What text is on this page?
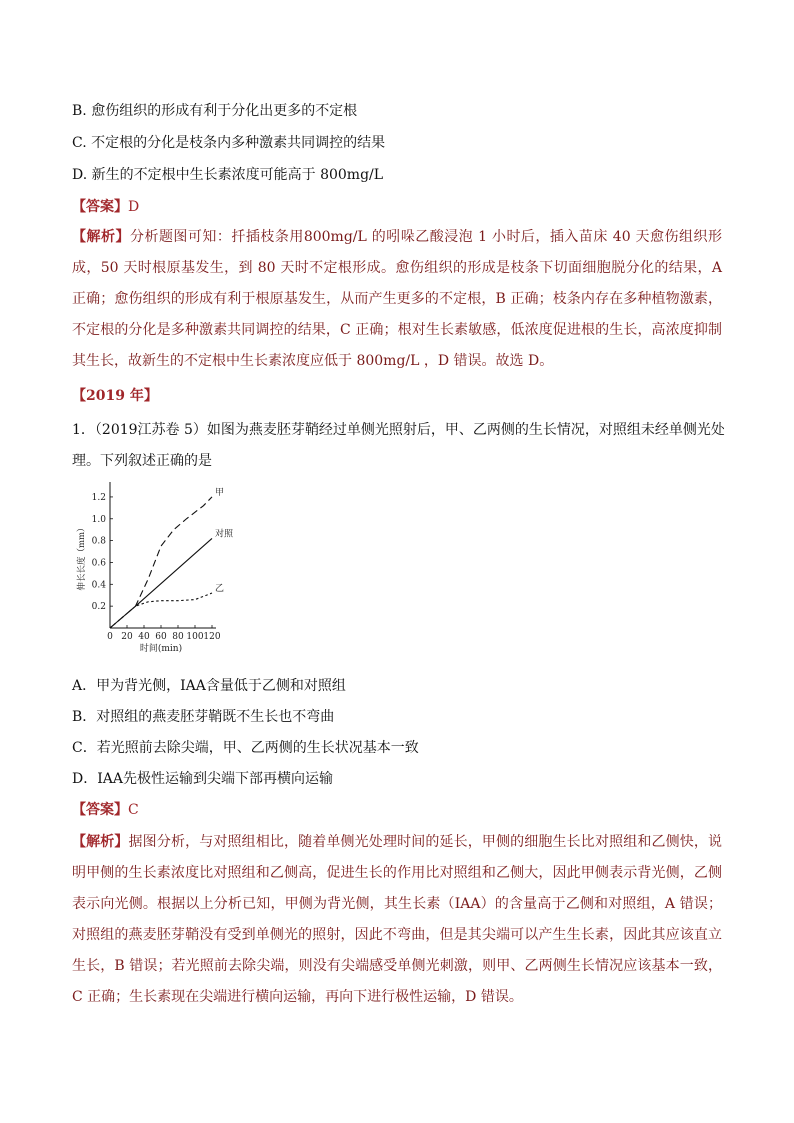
B. 愈伤组织的形成有利于分化出更多的不定根
C. 不定根的分化是枝条内多种激素共同调控的结果
D. 新生的不定根中生长素浓度可能高于 800mg/L
【答案】D
【解析】分析题图可知：扦插枝条用800mg/L 的吲哚乙酸浸泡 1 小时后，插入苗床 40 天愈伤组织形成，50 天时根原基发生，到 80 天时不定根形成。愈伤组织的形成是枝条下切面细胞脱分化的结果，A 正确；愈伤组织的形成有利于根原基发生，从而产生更多的不定根，B 正确；枝条内存在多种植物激素，不定根的分化是多种激素共同调控的结果，C 正确；根对生长素敏感，低浓度促进根的生长，高浓度抑制其生长，故新生的不定根中生长素浓度应低于 800mg/L ，D 错误。故选 D。
【2019 年】
1．（2019江苏卷 5）如图为燕麦胚芽鞘经过单侧光照射后，甲、乙两侧的生长情况，对照组未经单侧光处
理。下列叙述正确的是
0 20 40 60 80 100 120
0.2
0.4
0.6
0.8
1.0
1.2	甲
对照
乙
时间(min)
伸长长度（mm）
A．甲为背光侧，IAA含量低于乙侧和对照组
B．对照组的燕麦胚芽鞘既不生长也不弯曲
C．若光照前去除尖端，甲、乙两侧的生长状况基本一致
D．IAA先极性运输到尖端下部再横向运输
【答案】C
【解析】据图分析，与对照组相比，随着单侧光处理时间的延长，甲侧的细胞生长比对照组和乙侧快，说明甲侧的生长素浓度比对照组和乙侧高，促进生长的作用比对照组和乙侧大，因此甲侧表示背光侧，乙侧表示向光侧。根据以上分析已知，甲侧为背光侧，其生长素（IAA）的含量高于乙侧和对照组，A 错误；对照组的燕麦胚芽鞘没有受到单侧光的照射，因此不弯曲，但是其尖端可以产生生长素，因此其应该直立生长，B 错误；若光照前去除尖端，则没有尖端感受单侧光刺激，则甲、乙两侧生长情况应该基本一致，C 正确；生长素现在尖端进行横向运输，再向下进行极性运输，D 错误。
